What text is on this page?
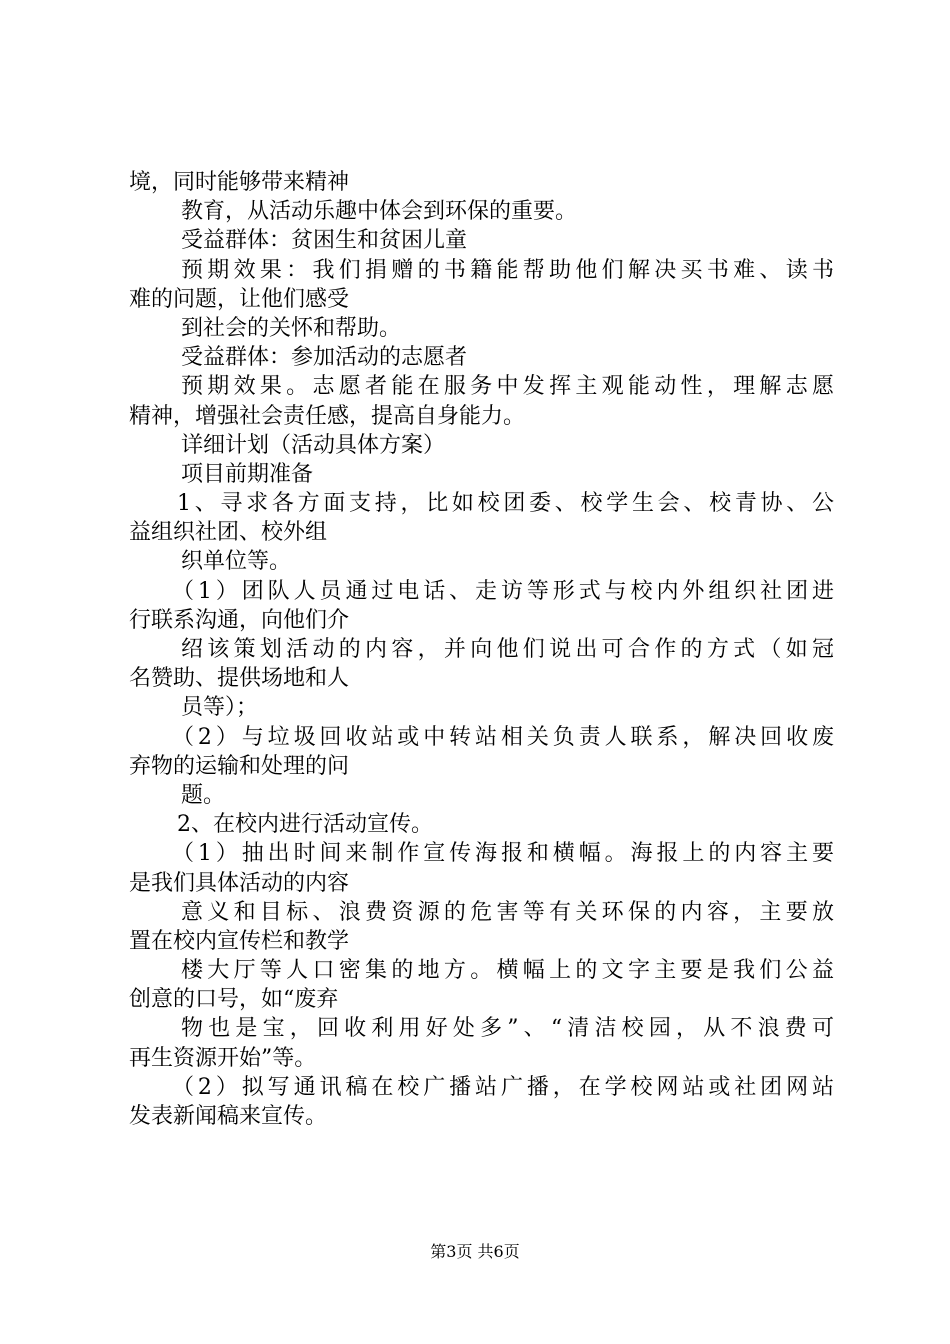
境，同时能够带来精神
教育，从活动乐趣中体会到环保的重要。
受益群体：贫困生和贫困儿童
预期效果：我们捐赠的书籍能帮助他们解决买书难、读书
难的问题，让他们感受
到社会的关怀和帮助。
受益群体：参加活动的志愿者
预期效果。志愿者能在服务中发挥主观能动性，理解志愿
精神，增强社会责任感，提高自身能力。
详细计划（活动具体方案）
项目前期准备
1、寻求各方面支持，比如校团委、校学生会、校青协、公
益组织社团、校外组
织单位等。
（1）团队人员通过电话、走访等形式与校内外组织社团进
行联系沟通，向他们介
绍该策划活动的内容，并向他们说出可合作的方式（如冠
名赞助、提供场地和人
员等）；
（2）与垃圾回收站或中转站相关负责人联系，解决回收废
弃物的运输和处理的问
题。
2、在校内进行活动宣传。
（1）抽出时间来制作宣传海报和横幅。海报上的内容主要
是我们具体活动的内容
意义和目标、浪费资源的危害等有关环保的内容，主要放
置在校内宣传栏和教学
楼大厅等人口密集的地方。横幅上的文字主要是我们公益
创意的口号，如“废弃
物也是宝，回收利用好处多”、“清洁校园，从不浪费可
再生资源开始”等。
（2）拟写通讯稿在校广播站广播，在学校网站或社团网站
发表新闻稿来宣传。
第3页 共6页
